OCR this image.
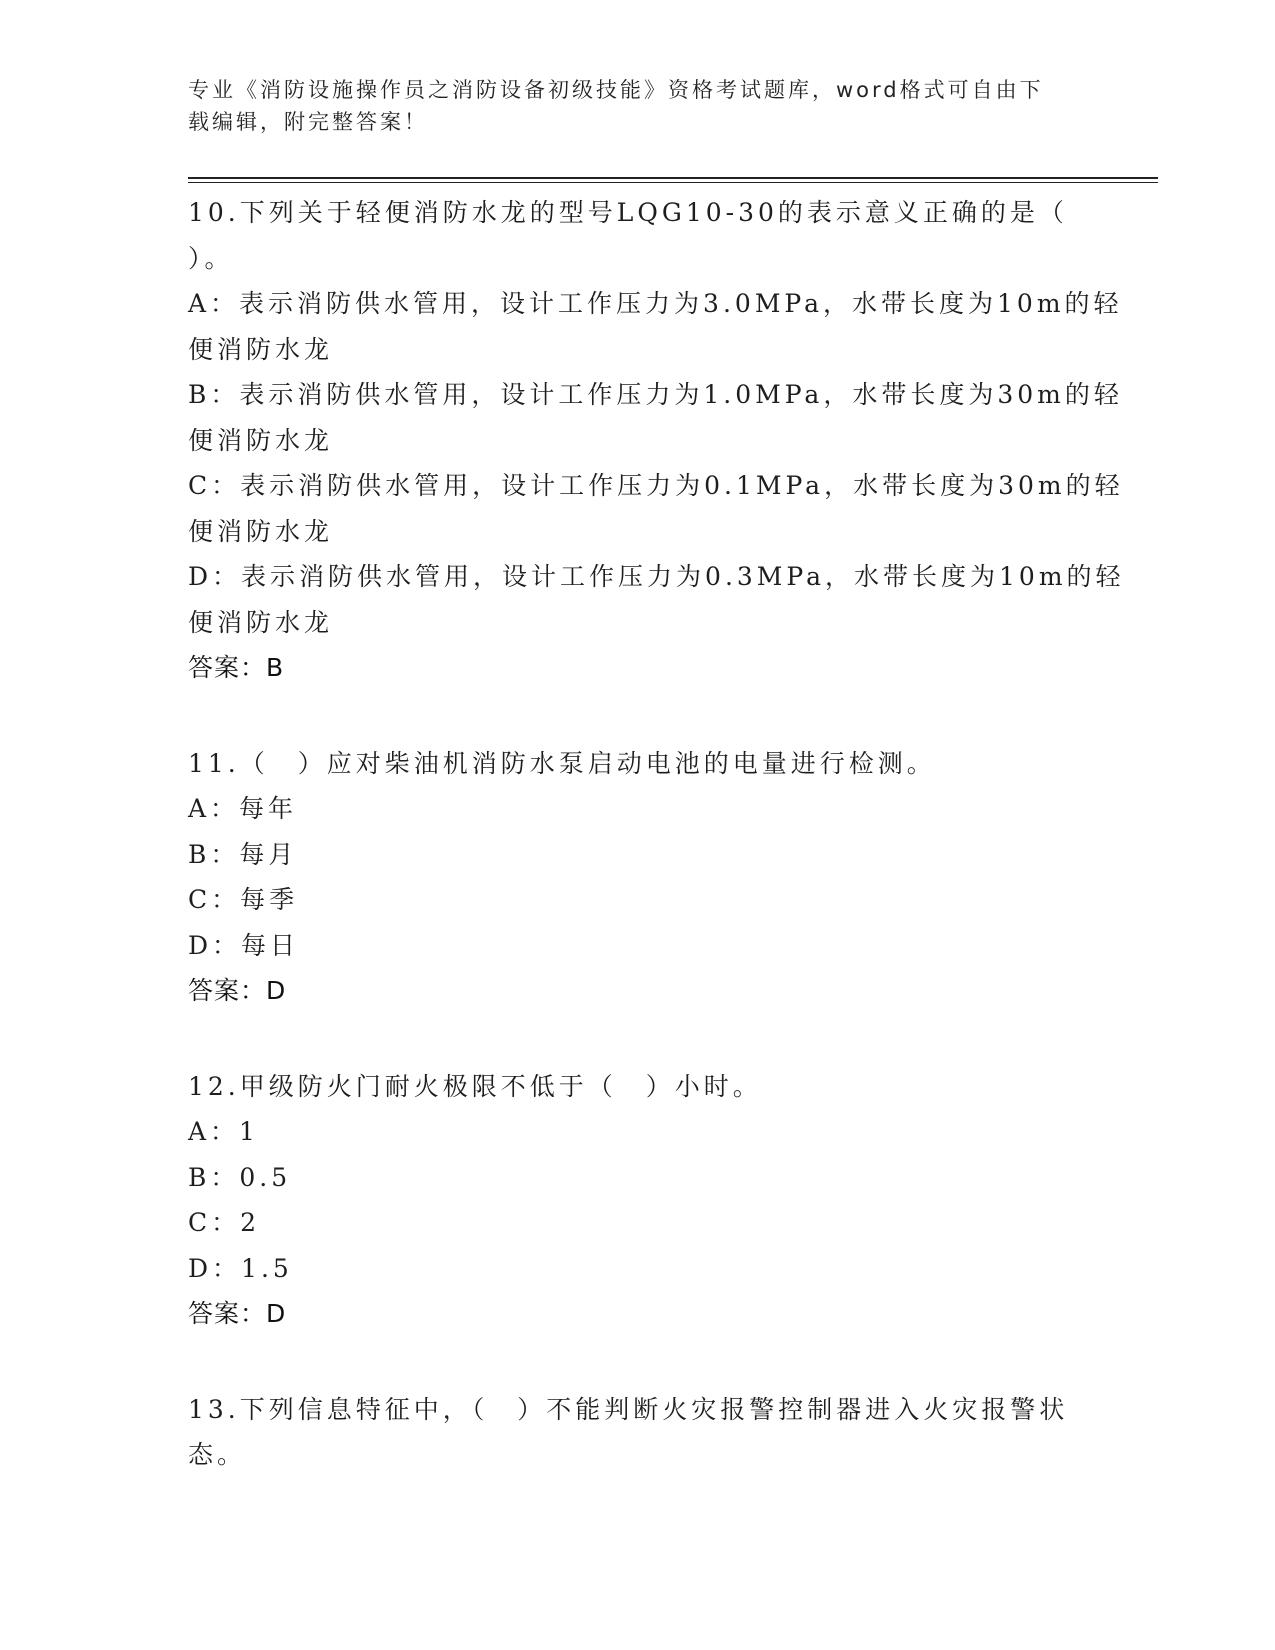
专业《消防设施操作员之消防设备初级技能》资格考试题库，word格式可自由下
载编辑，附完整答案！
10.下列关于轻便消防水龙的型号LQG10-30的表示意义正确的是（
）。
A：表示消防供水管用，设计工作压力为3.0MPa，水带长度为10m的轻
便消防水龙
B：表示消防供水管用，设计工作压力为1.0MPa，水带长度为30m的轻
便消防水龙
C：表示消防供水管用，设计工作压力为0.1MPa，水带长度为30m的轻
便消防水龙
D：表示消防供水管用，设计工作压力为0.3MPa，水带长度为10m的轻
便消防水龙
答案：B
11.（　）应对柴油机消防水泵启动电池的电量进行检测。
A：每年
B：每月
C：每季
D：每日
答案：D
12.甲级防火门耐火极限不低于（　）小时。
A：1
B：0.5
C：2
D：1.5
答案：D
13.下列信息特征中，（　）不能判断火灾报警控制器进入火灾报警状
态。
